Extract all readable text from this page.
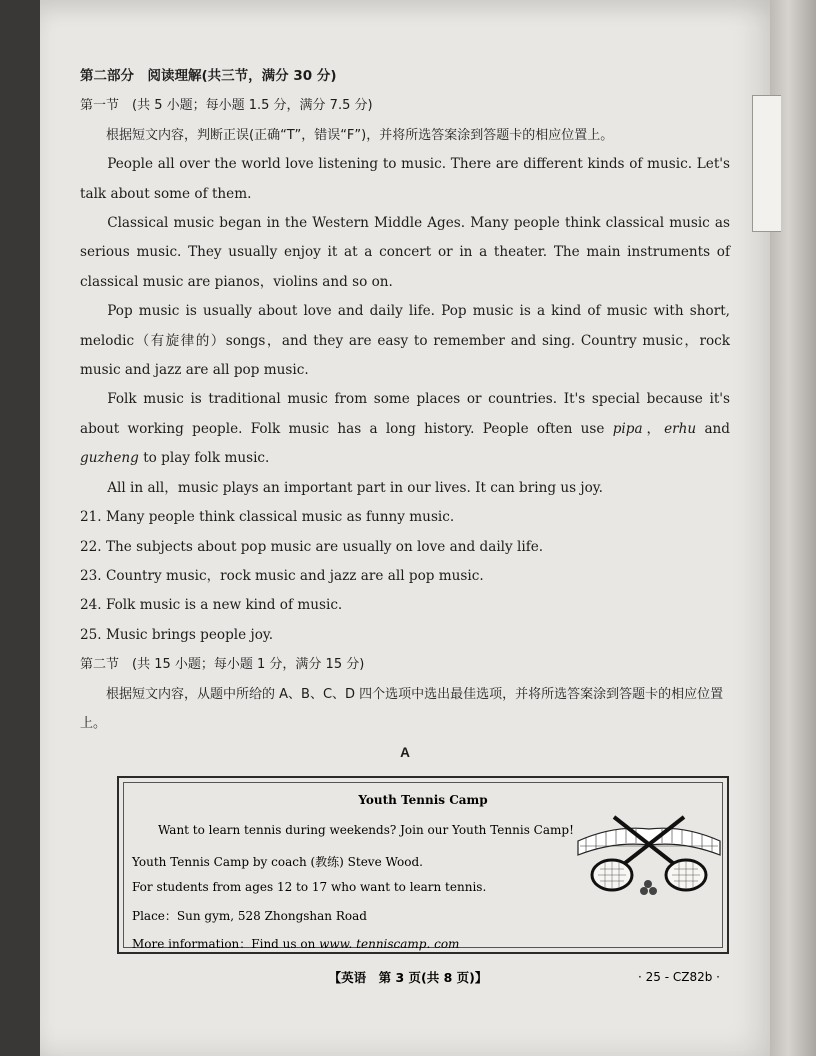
第二部分　阅读理解(共三节，满分 30 分)

第一节　(共 5 小题；每小题 1.5 分，满分 7.5 分)

根据短文内容，判断正误(正确“T”，错误“F”)，并将所选答案涂到答题卡的相应位置上。

People all over the world love listening to music. There are different kinds of music. Let's talk about some of them.

Classical music began in the Western Middle Ages. Many people think classical music as serious music. They usually enjoy it at a concert or in a theater. The main instruments of classical music are pianos，violins and so on.

Pop music is usually about love and daily life. Pop music is a kind of music with short, melodic（有旋律的）songs，and they are easy to remember and sing. Country music，rock music and jazz are all pop music.

Folk music is traditional music from some places or countries. It's special because it's about working people. Folk music has a long history. People often use pipa，erhu and guzheng to play folk music.

All in all，music plays an important part in our lives. It can bring us joy.

21. Many people think classical music as funny music.

22. The subjects about pop music are usually on love and daily life.

23. Country music，rock music and jazz are all pop music.

24. Folk music is a new kind of music.

25. Music brings people joy.

第二节　(共 15 小题；每小题 1 分，满分 15 分)

根据短文内容，从题中所给的 A、B、C、D 四个选项中选出最佳选项，并将所选答案涂到答题卡的相应位置上。

A

Youth Tennis Camp
Want to learn tennis during weekends? Join our Youth Tennis Camp!
Youth Tennis Camp by coach (教练) Steve Wood.
For students from ages 12 to 17 who want to learn tennis.
Place：Sun gym, 528 Zhongshan Road
More information：Find us on www. tenniscamp. com
【英语　第 3 页(共 8 页)】	· 25 - CZ82b ·
